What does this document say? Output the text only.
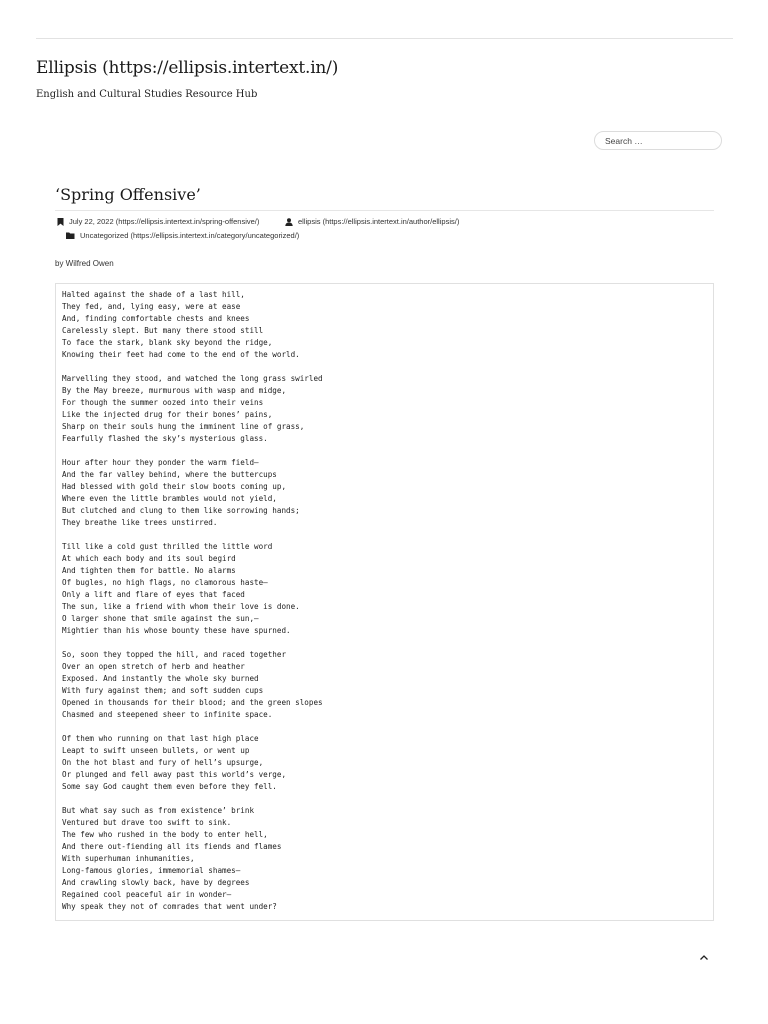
Ellipsis (https://ellipsis.intertext.in/)
English and Cultural Studies Resource Hub
Search …
‘Spring Offensive’
July 22, 2022 (https://ellipsis.intertext.in/spring-offensive/)	ellipsis (https://ellipsis.intertext.in/author/ellipsis/)
Uncategorized (https://ellipsis.intertext.in/category/uncategorized/)
by Wilfred Owen
Halted against the shade of a last hill,
They fed, and, lying easy, were at ease
And, finding comfortable chests and knees
Carelessly slept. But many there stood still
To face the stark, blank sky beyond the ridge,
Knowing their feet had come to the end of the world.
Marvelling they stood, and watched the long grass swirled
By the May breeze, murmurous with wasp and midge,
For though the summer oozed into their veins
Like the injected drug for their bones’ pains,
Sharp on their souls hung the imminent line of grass,
Fearfully flashed the sky’s mysterious glass.
Hour after hour they ponder the warm field—
And the far valley behind, where the buttercups
Had blessed with gold their slow boots coming up,
Where even the little brambles would not yield,
But clutched and clung to them like sorrowing hands;
They breathe like trees unstirred.
Till like a cold gust thrilled the little word
At which each body and its soul begird
And tighten them for battle. No alarms
Of bugles, no high flags, no clamorous haste—
Only a lift and flare of eyes that faced
The sun, like a friend with whom their love is done.
O larger shone that smile against the sun,—
Mightier than his whose bounty these have spurned.
So, soon they topped the hill, and raced together
Over an open stretch of herb and heather
Exposed. And instantly the whole sky burned
With fury against them; and soft sudden cups
Opened in thousands for their blood; and the green slopes
Chasmed and steepened sheer to infinite space.
Of them who running on that last high place
Leapt to swift unseen bullets, or went up
On the hot blast and fury of hell’s upsurge,
Or plunged and fell away past this world’s verge,
Some say God caught them even before they fell.
But what say such as from existence’ brink
Ventured but drave too swift to sink.
The few who rushed in the body to enter hell,
And there out-fiending all its fiends and flames
With superhuman inhumanities,
Long-famous glories, immemorial shames—
And crawling slowly back, have by degrees
Regained cool peaceful air in wonder—
Why speak they not of comrades that went under?
